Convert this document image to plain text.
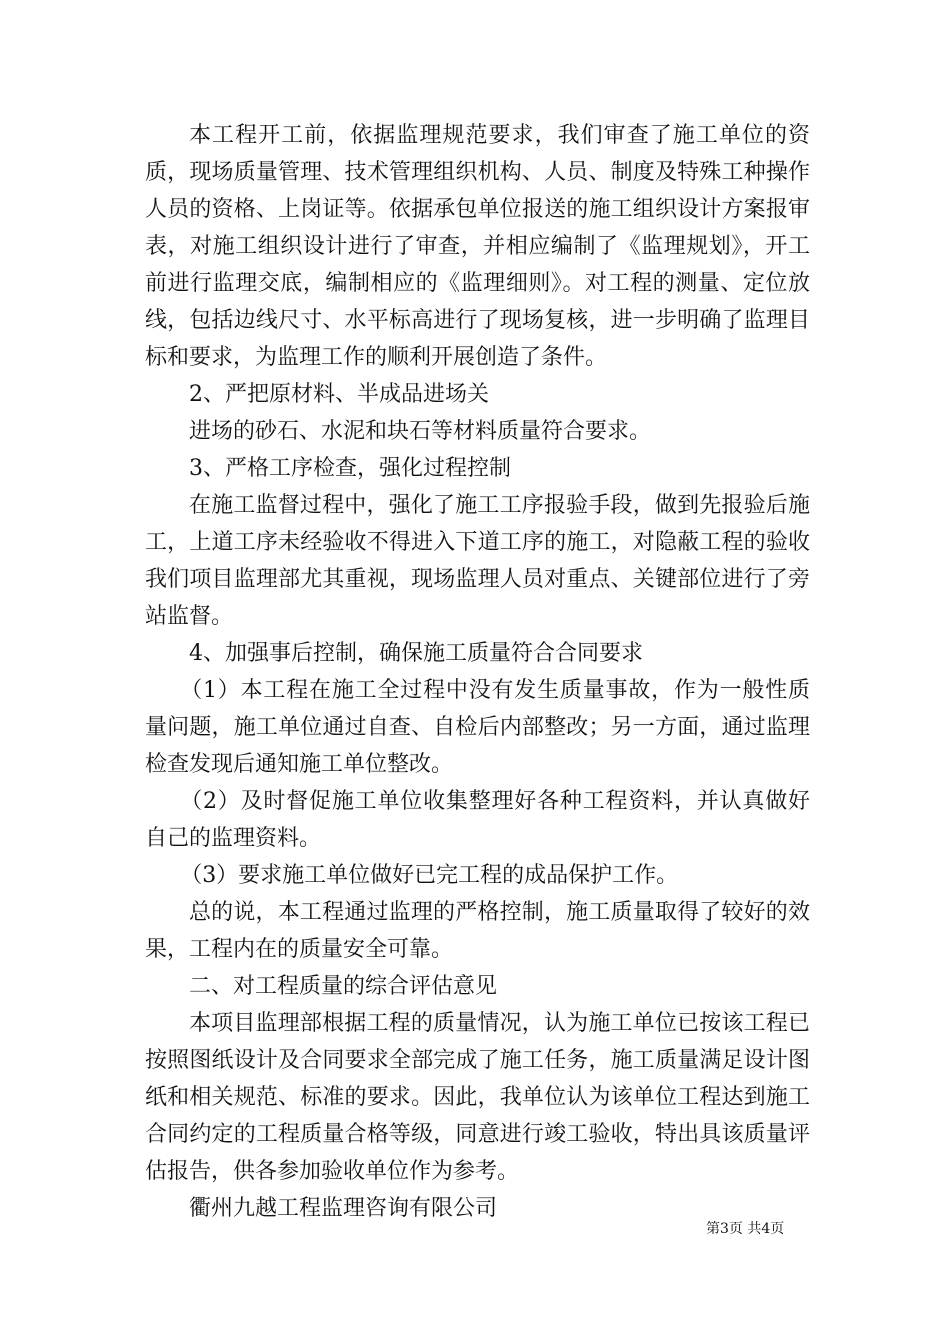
本工程开工前，依据监理规范要求，我们审查了施工单位的资质，现场质量管理、技术管理组织机构、人员、制度及特殊工种操作人员的资格、上岗证等。依据承包单位报送的施工组织设计方案报审表，对施工组织设计进行了审查，并相应编制了《监理规划》，开工前进行监理交底，编制相应的《监理细则》。对工程的测量、定位放线，包括边线尺寸、水平标高进行了现场复核，进一步明确了监理目标和要求，为监理工作的顺利开展创造了条件。

2、严把原材料、半成品进场关

进场的砂石、水泥和块石等材料质量符合要求。

3、严格工序检查，强化过程控制

在施工监督过程中，强化了施工工序报验手段，做到先报验后施工，上道工序未经验收不得进入下道工序的施工，对隐蔽工程的验收我们项目监理部尤其重视，现场监理人员对重点、关键部位进行了旁站监督。

4、加强事后控制，确保施工质量符合合同要求

（1）本工程在施工全过程中没有发生质量事故，作为一般性质量问题，施工单位通过自查、自检后内部整改；另一方面，通过监理检查发现后通知施工单位整改。

（2）及时督促施工单位收集整理好各种工程资料，并认真做好自己的监理资料。

（3）要求施工单位做好已完工程的成品保护工作。

总的说，本工程通过监理的严格控制，施工质量取得了较好的效果，工程内在的质量安全可靠。

二、对工程质量的综合评估意见

本项目监理部根据工程的质量情况，认为施工单位已按该工程已按照图纸设计及合同要求全部完成了施工任务，施工质量满足设计图纸和相关规范、标准的要求。因此，我单位认为该单位工程达到施工合同约定的工程质量合格等级，同意进行竣工验收，特出具该质量评估报告，供各参加验收单位作为参考。

衢州九越工程监理咨询有限公司

第3页 共4页
